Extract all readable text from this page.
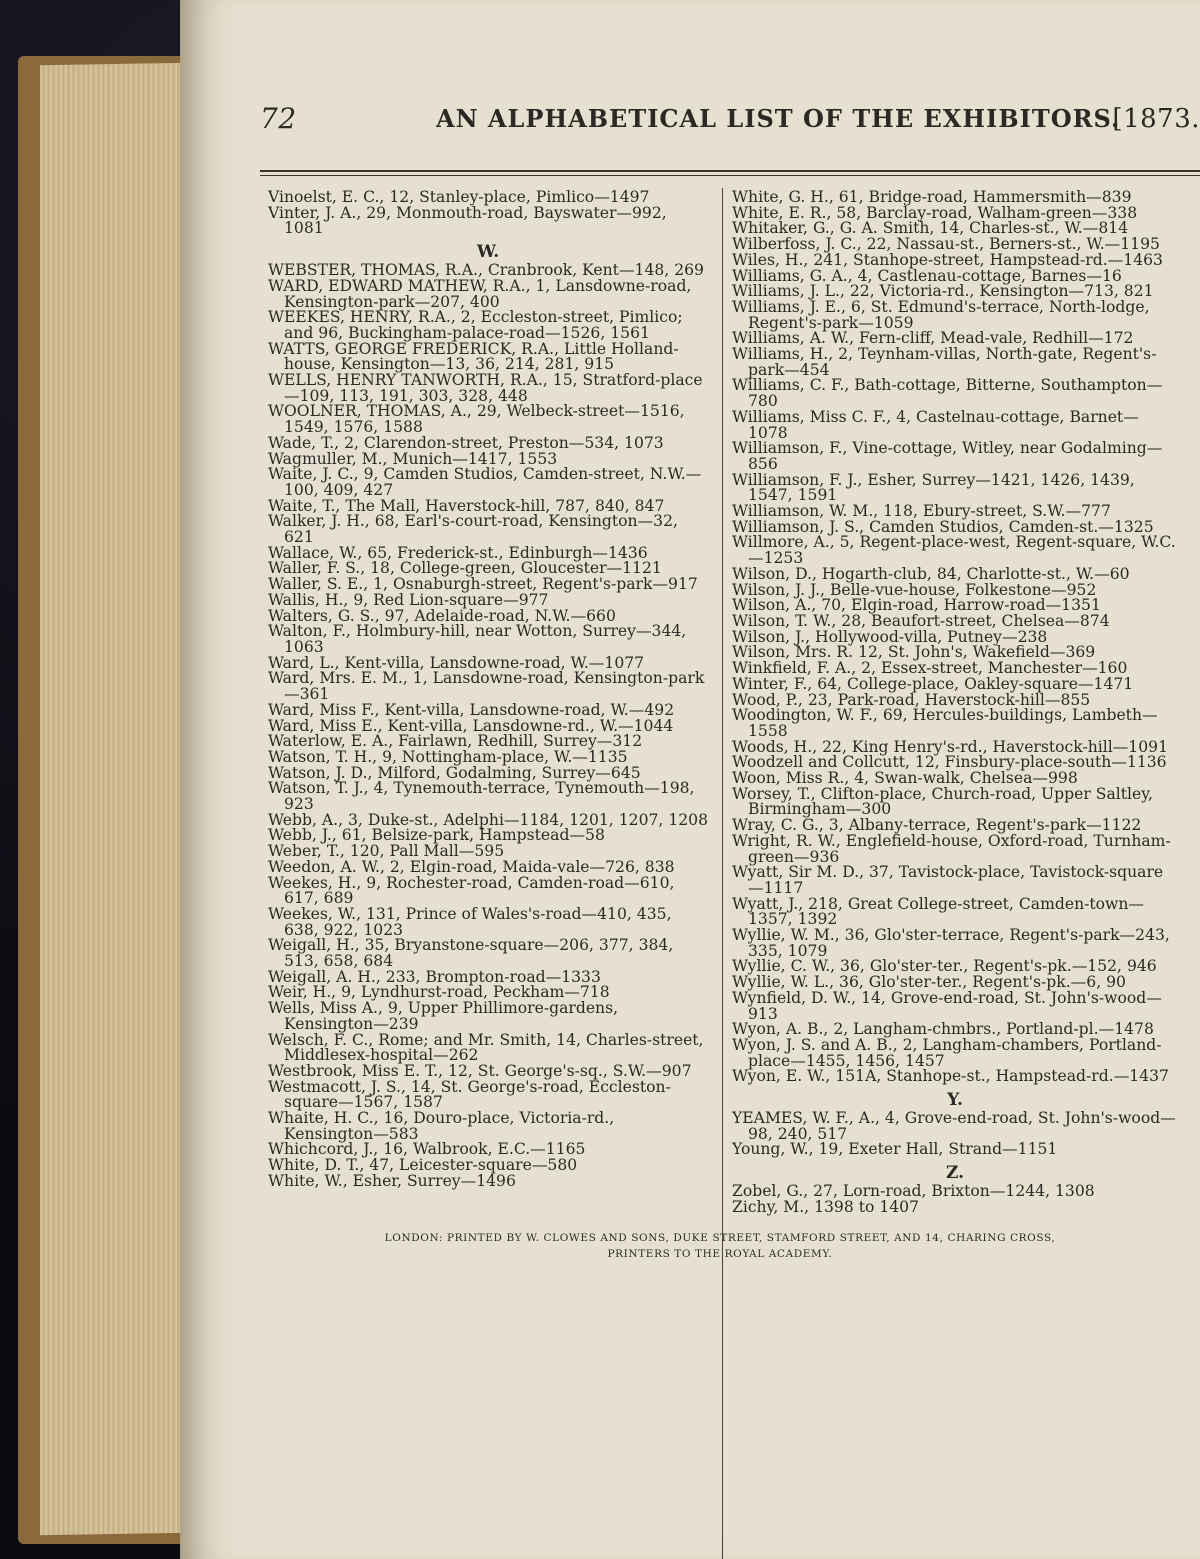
72	AN ALPHABETICAL LIST OF THE EXHIBITORS.
[1873.

Vinoelst, E. C., 12, Stanley-place, Pimlico—1497

Vinter, J. A., 29, Monmouth-road, Bayswater—992, 1081

W.

WEBSTER, THOMAS, R.A., Cranbrook, Kent—148, 269

WARD, EDWARD MATHEW, R.A., 1, Lansdowne-road, Kensington-park—207, 400

WEEKES, HENRY, R.A., 2, Eccleston-street, Pimlico; and 96, Buckingham-palace-road—1526, 1561

WATTS, GEORGE FREDERICK, R.A., Little Holland-house, Kensington—13, 36, 214, 281, 915

WELLS, HENRY TANWORTH, R.A., 15, Stratford-place—109, 113, 191, 303, 328, 448

WOOLNER, THOMAS, A., 29, Welbeck-street—1516, 1549, 1576, 1588

Wade, T., 2, Clarendon-street, Preston—534, 1073

Wagmuller, M., Munich—1417, 1553

Waite, J. C., 9, Camden Studios, Camden-street, N.W.—100, 409, 427

Waite, T., The Mall, Haverstock-hill, 787, 840, 847

Walker, J. H., 68, Earl's-court-road, Kensington—32, 621

Wallace, W., 65, Frederick-st., Edinburgh—1436

Waller, F. S., 18, College-green, Gloucester—1121

Waller, S. E., 1, Osnaburgh-street, Regent's-park—917

Wallis, H., 9, Red Lion-square—977

Walters, G. S., 97, Adelaide-road, N.W.—660

Walton, F., Holmbury-hill, near Wotton, Surrey—344, 1063

Ward, L., Kent-villa, Lansdowne-road, W.—1077

Ward, Mrs. E. M., 1, Lansdowne-road, Kensington-park—361

Ward, Miss F., Kent-villa, Lansdowne-road, W.—492

Ward, Miss E., Kent-villa, Lansdowne-rd., W.—1044

Waterlow, E. A., Fairlawn, Redhill, Surrey—312

Watson, T. H., 9, Nottingham-place, W.—1135

Watson, J. D., Milford, Godalming, Surrey—645

Watson, T. J., 4, Tynemouth-terrace, Tynemouth—198, 923

Webb, A., 3, Duke-st., Adelphi—1184, 1201, 1207, 1208

Webb, J., 61, Belsize-park, Hampstead—58

Weber, T., 120, Pall Mall—595

Weedon, A. W., 2, Elgin-road, Maida-vale—726, 838

Weekes, H., 9, Rochester-road, Camden-road—610, 617, 689

Weekes, W., 131, Prince of Wales's-road—410, 435, 638, 922, 1023

Weigall, H., 35, Bryanstone-square—206, 377, 384, 513, 658, 684

Weigall, A. H., 233, Brompton-road—1333

Weir, H., 9, Lyndhurst-road, Peckham—718

Wells, Miss A., 9, Upper Phillimore-gardens, Kensington—239

Welsch, F. C., Rome; and Mr. Smith, 14, Charles-street, Middlesex-hospital—262

Westbrook, Miss E. T., 12, St. George's-sq., S.W.—907

Westmacott, J. S., 14, St. George's-road, Eccleston-square—1567, 1587

Whaite, H. C., 16, Douro-place, Victoria-rd., Kensington—583

Whichcord, J., 16, Walbrook, E.C.—1165

White, D. T., 47, Leicester-square—580

White, W., Esher, Surrey—1496

White, G. H., 61, Bridge-road, Hammersmith—839

White, E. R., 58, Barclay-road, Walham-green—338

Whitaker, G., G. A. Smith, 14, Charles-st., W.—814

Wilberfoss, J. C., 22, Nassau-st., Berners-st., W.—1195

Wiles, H., 241, Stanhope-street, Hampstead-rd.—1463

Williams, G. A., 4, Castlenau-cottage, Barnes—16

Williams, J. L., 22, Victoria-rd., Kensington—713, 821

Williams, J. E., 6, St. Edmund's-terrace, North-lodge, Regent's-park—1059

Williams, A. W., Fern-cliff, Mead-vale, Redhill—172

Williams, H., 2, Teynham-villas, North-gate, Regent's-park—454

Williams, C. F., Bath-cottage, Bitterne, Southampton—780

Williams, Miss C. F., 4, Castelnau-cottage, Barnet—1078

Williamson, F., Vine-cottage, Witley, near Godalming—856

Williamson, F. J., Esher, Surrey—1421, 1426, 1439, 1547, 1591

Williamson, W. M., 118, Ebury-street, S.W.—777

Williamson, J. S., Camden Studios, Camden-st.—1325

Willmore, A., 5, Regent-place-west, Regent-square, W.C.—1253

Wilson, D., Hogarth-club, 84, Charlotte-st., W.—60

Wilson, J. J., Belle-vue-house, Folkestone—952

Wilson, A., 70, Elgin-road, Harrow-road—1351

Wilson, T. W., 28, Beaufort-street, Chelsea—874

Wilson, J., Hollywood-villa, Putney—238

Wilson, Mrs. R. 12, St. John's, Wakefield—369

Winkfield, F. A., 2, Essex-street, Manchester—160

Winter, F., 64, College-place, Oakley-square—1471

Wood, P., 23, Park-road, Haverstock-hill—855

Woodington, W. F., 69, Hercules-buildings, Lambeth—1558

Woods, H., 22, King Henry's-rd., Haverstock-hill—1091

Woodzell and Collcutt, 12, Finsbury-place-south—1136

Woon, Miss R., 4, Swan-walk, Chelsea—998

Worsey, T., Clifton-place, Church-road, Upper Saltley, Birmingham—300

Wray, C. G., 3, Albany-terrace, Regent's-park—1122

Wright, R. W., Englefield-house, Oxford-road, Turnham-green—936

Wyatt, Sir M. D., 37, Tavistock-place, Tavistock-square—1117

Wyatt, J., 218, Great College-street, Camden-town—1357, 1392

Wyllie, W. M., 36, Glo'ster-terrace, Regent's-park—243, 335, 1079

Wyllie, C. W., 36, Glo'ster-ter., Regent's-pk.—152, 946

Wyllie, W. L., 36, Glo'ster-ter., Regent's-pk.—6, 90

Wynfield, D. W., 14, Grove-end-road, St. John's-wood—913

Wyon, A. B., 2, Langham-chmbrs., Portland-pl.—1478

Wyon, J. S. and A. B., 2, Langham-chambers, Portland-place—1455, 1456, 1457

Wyon, E. W., 151A, Stanhope-st., Hampstead-rd.—1437

Y.

YEAMES, W. F., A., 4, Grove-end-road, St. John's-wood—98, 240, 517

Young, W., 19, Exeter Hall, Strand—1151

Z.

Zobel, G., 27, Lorn-road, Brixton—1244, 1308

Zichy, M., 1398 to 1407

LONDON: PRINTED BY W. CLOWES AND SONS, DUKE STREET, STAMFORD STREET, AND 14, CHARING CROSS,
PRINTERS TO THE ROYAL ACADEMY.
